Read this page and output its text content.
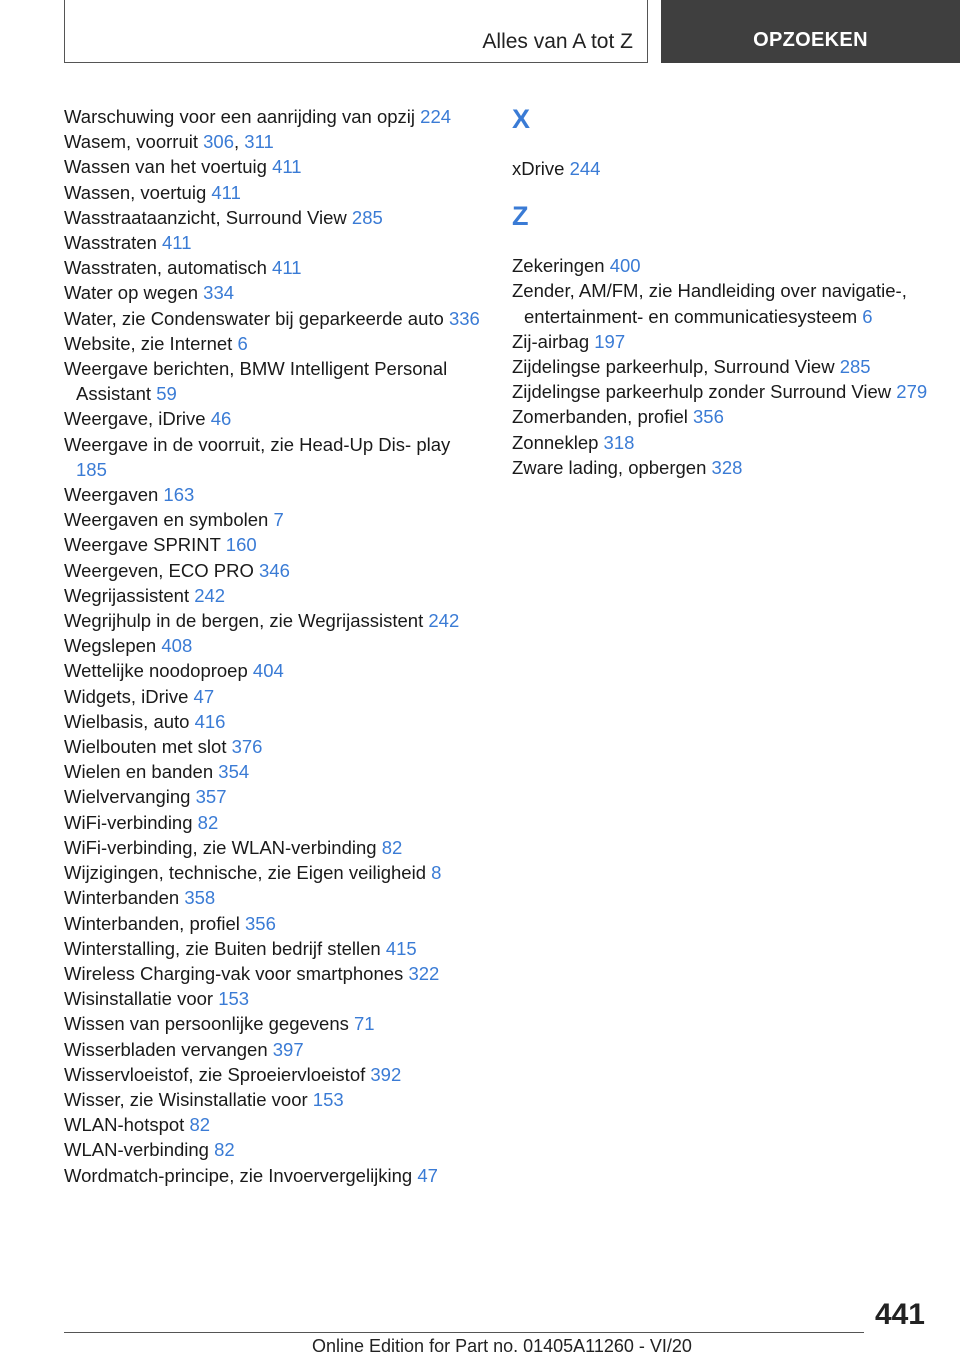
Alles van A tot Z	OPZOEKEN
Warschuwing voor een aanrijding van opzij 224
Wasem, voorruit 306, 311
Wassen van het voertuig 411
Wassen, voertuig 411
Wasstraataanzicht, Surround View 285
Wasstraten 411
Wasstraten, automatisch 411
Water op wegen 334
Water, zie Condenswater bij geparkeerde auto 336
Website, zie Internet 6
Weergave berichten, BMW Intelligent Personal Assistant 59
Weergave, iDrive 46
Weergave in de voorruit, zie Head-Up Dis‐ play 185
Weergaven 163
Weergaven en symbolen 7
Weergave SPRINT 160
Weergeven, ECO PRO 346
Wegrijassistent 242
Wegrijhulp in de bergen, zie Wegrijassistent 242
Wegslepen 408
Wettelijke noodoproep 404
Widgets, iDrive 47
Wielbasis, auto 416
Wielbouten met slot 376
Wielen en banden 354
Wielvervanging 357
WiFi-verbinding 82
WiFi-verbinding, zie WLAN-verbinding 82
Wijzigingen, technische, zie Eigen veiligheid 8
Winterbanden 358
Winterbanden, profiel 356
Winterstalling, zie Buiten bedrijf stellen 415
Wireless Charging-vak voor smartphones 322
Wisinstallatie voor 153
Wissen van persoonlijke gegevens 71
Wisserbladen vervangen 397
Wisservloeistof, zie Sproeiervloeistof 392
Wisser, zie Wisinstallatie voor 153
WLAN-hotspot 82
WLAN-verbinding 82
Wordmatch-principe, zie Invoervergelijking 47
X
xDrive 244
Z
Zekeringen 400
Zender, AM/FM, zie Handleiding over navigatie-, entertainment- en communicatiesysteem 6
Zij-airbag 197
Zijdelingse parkeerhulp, Surround View 285
Zijdelingse parkeerhulp zonder Surround View 279
Zomerbanden, profiel 356
Zonneklep 318
Zware lading, opbergen 328
441
Online Edition for Part no. 01405A11260 - VI/20
